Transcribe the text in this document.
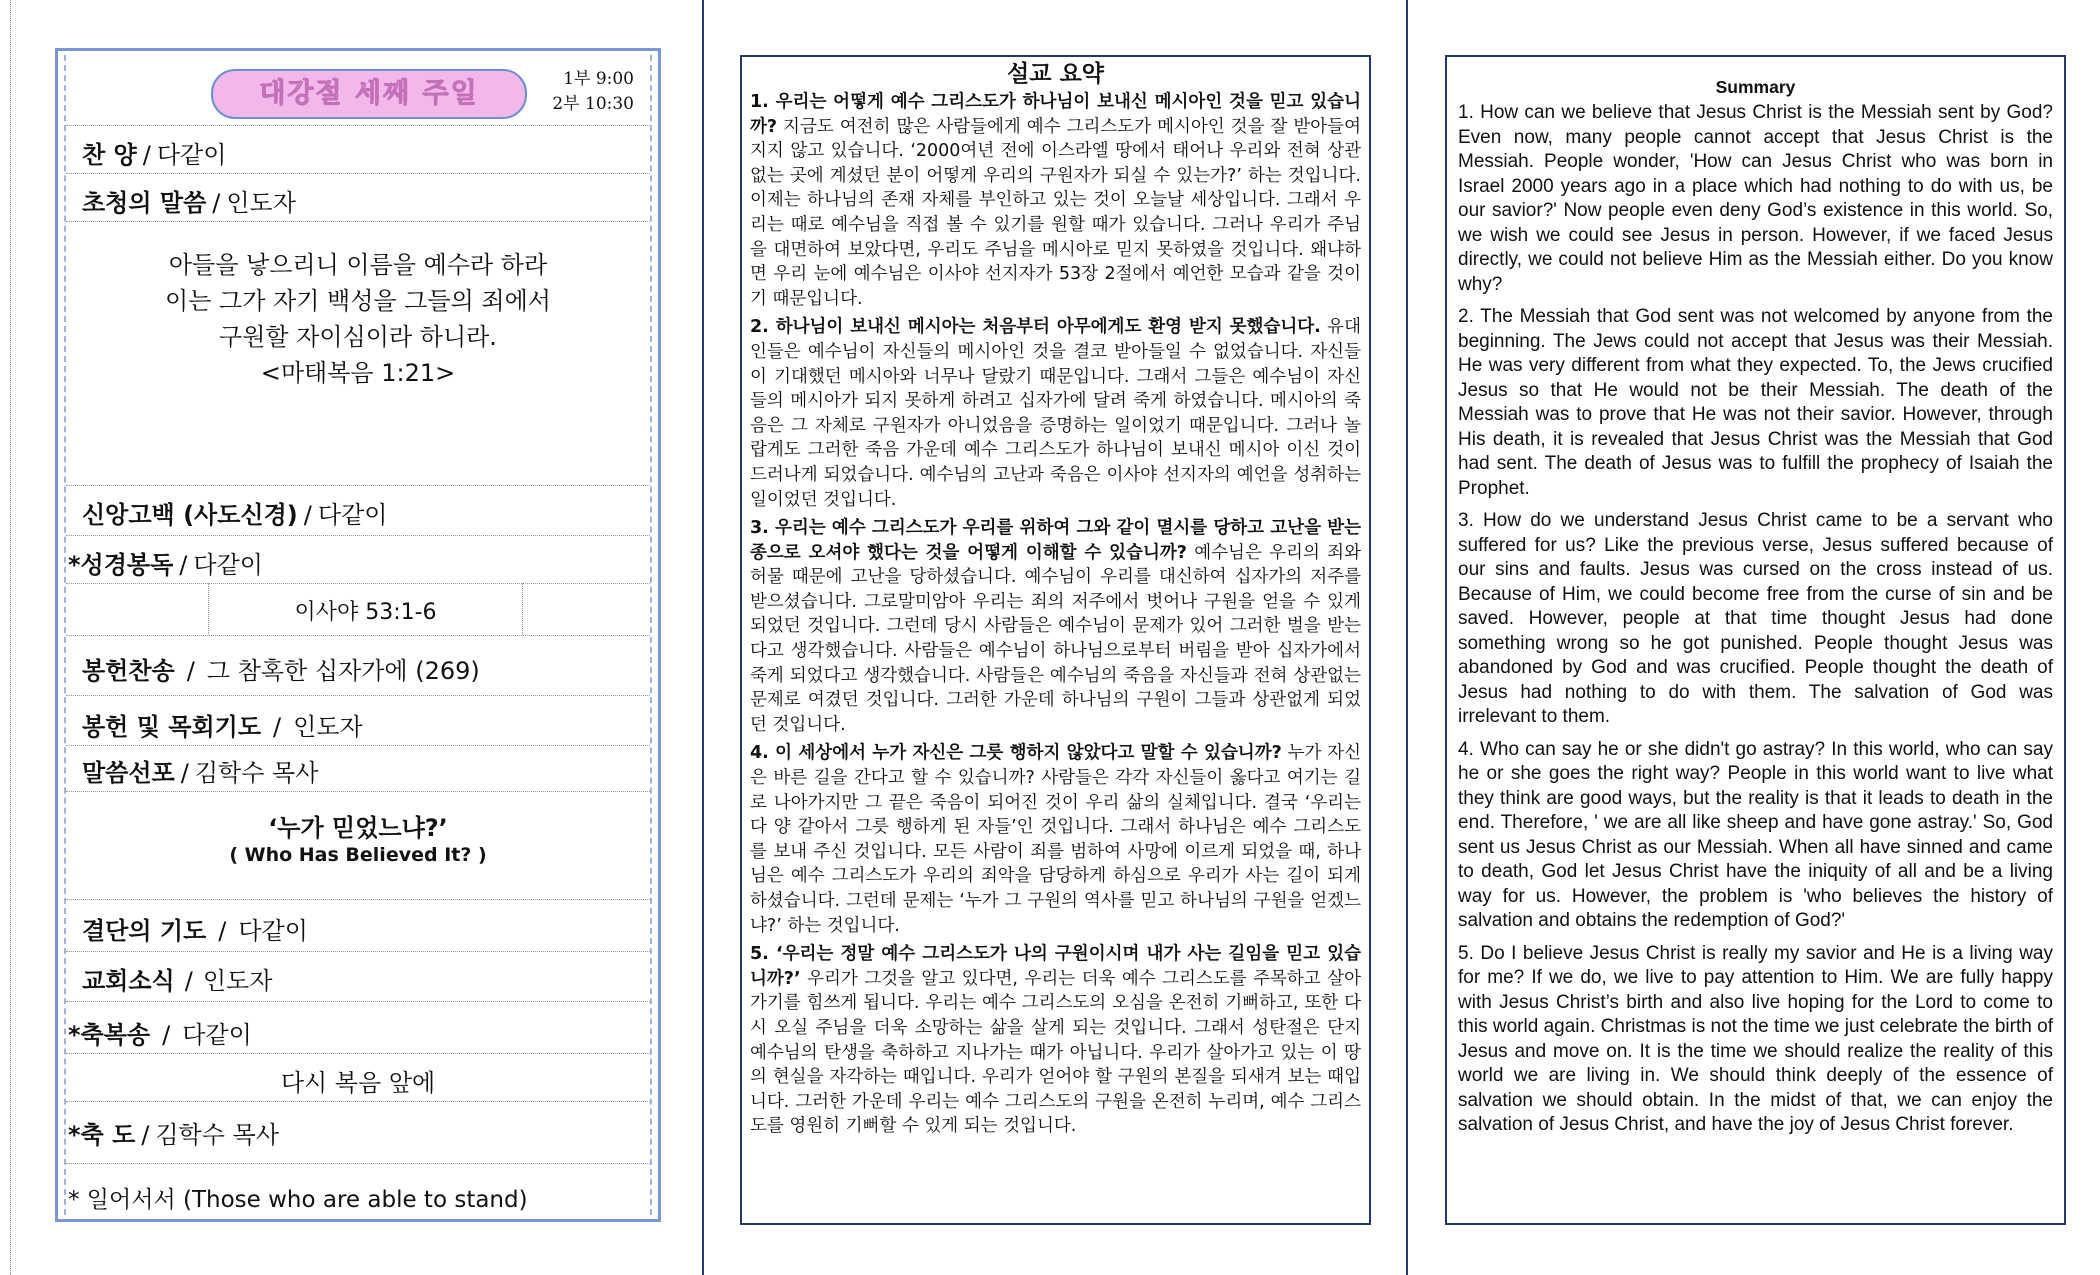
대강절 세째 주일	1부 9:00
2부 10:30
찬 양 / 다같이
초청의 말씀 / 인도자
아들을 낳으리니 이름을 예수라 하라
이는 그가 자기 백성을 그들의 죄에서
구원할 자이심이라 하니라.
<마태복음 1:21>
신앙고백 (사도신경) / 다같이
*성경봉독 / 다같이
이사야 53:1-6
봉헌찬송 / 그 참혹한 십자가에 (269)
봉헌 및 목회기도 / 인도자
말씀선포 / 김학수 목사
‘누가 믿었느냐?’
( Who Has Believed It? )
결단의 기도 / 다같이
교회소식 / 인도자
*축복송 / 다같이
다시 복음 앞에
*축 도 / 김학수 목사
* 일어서서 (Those who are able to stand)
설교 요약

1. 우리는 어떻게 예수 그리스도가 하나님이 보내신 메시아인 것을 믿고 있습니까? 지금도 여전히 많은 사람들에게 예수 그리스도가 메시아인 것을 잘 받아들여지지 않고 있습니다. ‘2000여년 전에 이스라엘 땅에서 태어나 우리와 전혀 상관 없는 곳에 계셨던 분이 어떻게 우리의 구원자가 되실 수 있는가?’ 하는 것입니다. 이제는 하나님의 존재 자체를 부인하고 있는 것이 오늘날 세상입니다. 그래서 우리는 때로 예수님을 직접 볼 수 있기를 원할 때가 있습니다. 그러나 우리가 주님을 대면하여 보았다면, 우리도 주님을 메시아로 믿지 못하였을 것입니다. 왜냐하면 우리 눈에 예수님은 이사야 선지자가 53장 2절에서 예언한 모습과 같을 것이기 때문입니다.

2. 하나님이 보내신 메시아는 처음부터 아무에게도 환영 받지 못했습니다. 유대인들은 예수님이 자신들의 메시아인 것을 결코 받아들일 수 없었습니다. 자신들이 기대했던 메시아와 너무나 달랐기 때문입니다. 그래서 그들은 예수님이 자신들의 메시아가 되지 못하게 하려고 십자가에 달려 죽게 하였습니다. 메시아의 죽음은 그 자체로 구원자가 아니었음을 증명하는 일이었기 때문입니다. 그러나 놀랍게도 그러한 죽음 가운데 예수 그리스도가 하나님이 보내신 메시아 이신 것이 드러나게 되었습니다. 예수님의 고난과 죽음은 이사야 선지자의 예언을 성취하는 일이었던 것입니다.

3. 우리는 예수 그리스도가 우리를 위하여 그와 같이 멸시를 당하고 고난을 받는 종으로 오셔야 했다는 것을 어떻게 이해할 수 있습니까? 예수님은 우리의 죄와 허물 때문에 고난을 당하셨습니다. 예수님이 우리를 대신하여 십자가의 저주를 받으셨습니다. 그로말미암아 우리는 죄의 저주에서 벗어나 구원을 얻을 수 있게 되었던 것입니다. 그런데 당시 사람들은 예수님이 문제가 있어 그러한 벌을 받는다고 생각했습니다. 사람들은 예수님이 하나님으로부터 버림을 받아 십자가에서 죽게 되었다고 생각했습니다. 사람들은 예수님의 죽음을 자신들과 전혀 상관없는 문제로 여겼던 것입니다. 그러한 가운데 하나님의 구원이 그들과 상관없게 되었던 것입니다.

4. 이 세상에서 누가 자신은 그릇 행하지 않았다고 말할 수 있습니까? 누가 자신은 바른 길을 간다고 할 수 있습니까? 사람들은 각각 자신들이 옳다고 여기는 길로 나아가지만 그 끝은 죽음이 되어진 것이 우리 삶의 실체입니다. 결국 ‘우리는 다 양 같아서 그릇 행하게 된 자들’인 것입니다. 그래서 하나님은 예수 그리스도를 보내 주신 것입니다. 모든 사람이 죄를 범하여 사망에 이르게 되었을 때, 하나님은 예수 그리스도가 우리의 죄악을 담당하게 하심으로 우리가 사는 길이 되게 하셨습니다. 그런데 문제는 ‘누가 그 구원의 역사를 믿고 하나님의 구원을 얻겠느냐?’ 하는 것입니다.

5. ‘우리는 정말 예수 그리스도가 나의 구원이시며 내가 사는 길임을 믿고 있습니까?’ 우리가 그것을 알고 있다면, 우리는 더욱 예수 그리스도를 주목하고 살아 가기를 힘쓰게 됩니다. 우리는 예수 그리스도의 오심을 온전히 기뻐하고, 또한 다시 오실 주님을 더욱 소망하는 삶을 살게 되는 것입니다. 그래서 성탄절은 단지 예수님의 탄생을 축하하고 지나가는 때가 아닙니다. 우리가 살아가고 있는 이 땅의 현실을 자각하는 때입니다. 우리가 얻어야 할 구원의 본질을 되새겨 보는 때입니다. 그러한 가운데 우리는 예수 그리스도의 구원을 온전히 누리며, 예수 그리스도를 영원히 기뻐할 수 있게 되는 것입니다.

Summary

1. How can we believe that Jesus Christ is the Messiah sent by God? Even now, many people cannot accept that Jesus Christ is the Messiah. People wonder, 'How can Jesus Christ who was born in Israel 2000 years ago in a place which had nothing to do with us, be our savior?' Now people even deny God’s existence in this world. So, we wish we could see Jesus in person. However, if we faced Jesus directly, we could not believe Him as the Messiah either. Do you know why?

2. The Messiah that God sent was not welcomed by anyone from the beginning. The Jews could not accept that Jesus was their Messiah. He was very different from what they expected. To, the Jews crucified Jesus so that He would not be their Messiah. The death of the Messiah was to prove that He was not their savior. However, through His death, it is revealed that Jesus Christ was the Messiah that God had sent. The death of Jesus was to fulfill the prophecy of Isaiah the Prophet.

3. How do we understand Jesus Christ came to be a servant who suffered for us? Like the previous verse, Jesus suffered because of our sins and faults. Jesus was cursed on the cross instead of us. Because of Him, we could become free from the curse of sin and be saved. However, people at that time thought Jesus had done something wrong so he got punished. People thought Jesus was abandoned by God and was crucified. People thought the death of Jesus had nothing to do with them. The salvation of God was irrelevant to them.

4. Who can say he or she didn't go astray? In this world, who can say he or she goes the right way? People in this world want to live what they think are good ways, but the reality is that it leads to death in the end. Therefore, ' we are all like sheep and have gone astray.' So, God sent us Jesus Christ as our Messiah. When all have sinned and came to death, God let Jesus Christ have the iniquity of all and be a living way for us. However, the problem is 'who believes the history of salvation and obtains the redemption of God?'

5. Do I believe Jesus Christ is really my savior and He is a living way for me? If we do, we live to pay attention to Him. We are fully happy with Jesus Christ’s birth and also live hoping for the Lord to come to this world again. Christmas is not the time we just celebrate the birth of Jesus and move on. It is the time we should realize the reality of this world we are living in. We should think deeply of the essence of salvation we should obtain. In the midst of that, we can enjoy the salvation of Jesus Christ, and have the joy of Jesus Christ forever.
